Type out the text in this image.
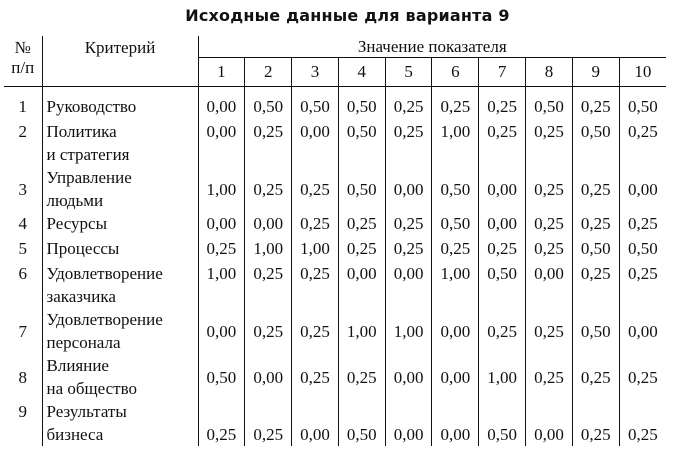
Исходные данные для варианта 9
№
п/п	Критерий	Значение показателя									
		1	2	3	4	5	6	7	8	9	10
1	Руководство	0,00	0,50	0,50	0,50	0,25	0,25	0,25	0,50	0,25	0,50
2	Политика
и стратегия	0,00	0,25	0,00	0,50	0,25	1,00	0,25	0,25	0,50	0,25
3	Управление
людьми	1,00	0,25	0,25	0,50	0,00	0,50	0,00	0,25	0,25	0,00
4	Ресурсы	0,00	0,00	0,25	0,25	0,25	0,50	0,00	0,25	0,25	0,25
5	Процессы	0,25	1,00	1,00	0,25	0,25	0,25	0,25	0,25	0,50	0,50
6	Удовлетворение
заказчика	1,00	0,25	0,25	0,00	0,00	1,00	0,50	0,00	0,25	0,25
7	Удовлетворение
персонала	0,00	0,25	0,25	1,00	1,00	0,00	0,25	0,25	0,50	0,00
8	Влияние
на общество	0,50	0,00	0,25	0,25	0,00	0,00	1,00	0,25	0,25	0,25
9	Результаты
бизнеса	0,25	0,25	0,00	0,50	0,00	0,00	0,50	0,00	0,25	0,25
